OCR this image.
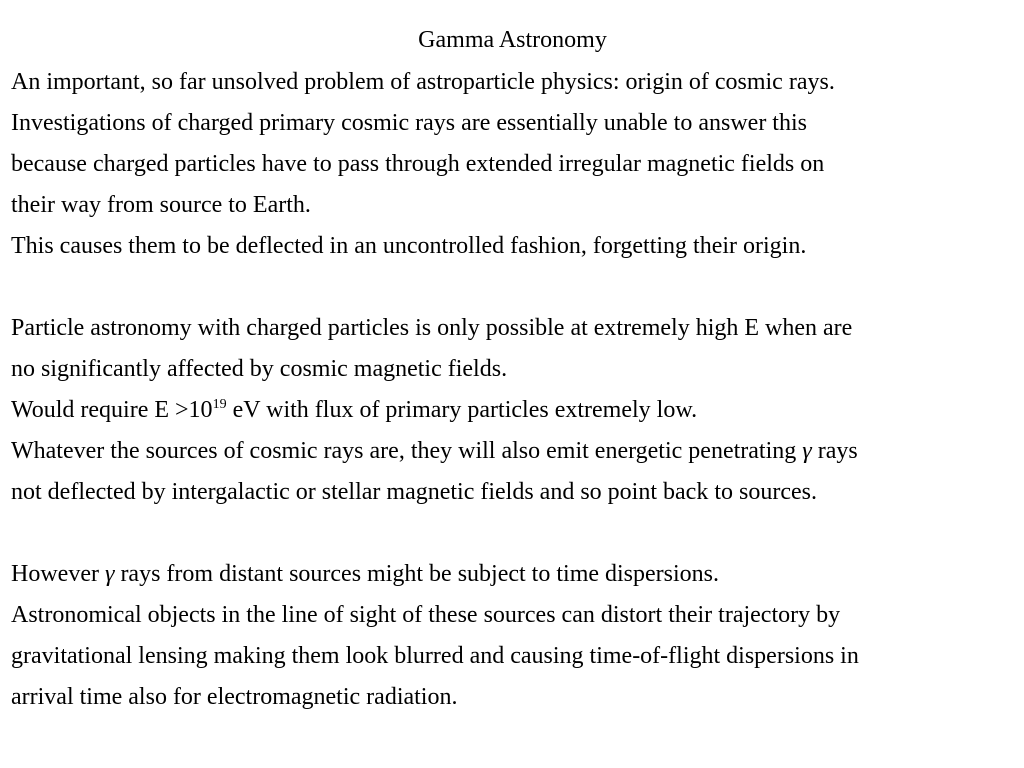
Gamma Astronomy
An important, so far unsolved problem of astroparticle physics: origin of cosmic rays.
Investigations of charged primary cosmic rays are essentially unable to answer this
because charged particles have to pass through extended irregular magnetic fields on
their way from source to Earth.
This causes them to be deflected in an uncontrolled fashion, forgetting their origin.
Particle astronomy with charged particles is only possible at extremely high E when are
no significantly affected by cosmic magnetic fields.
Would require $E >10^{19}$ eV with flux of primary particles extremely low.
Whatever the sources of cosmic rays are, they will also emit energetic penetrating γ rays
not deflected by intergalactic or stellar magnetic fields and so point back to sources.
However γ rays from distant sources might be subject to time dispersions.
Astronomical objects in the line of sight of these sources can distort their trajectory by
gravitational lensing making them look blurred and causing time-of-flight dispersions in
arrival time also for electromagnetic radiation.
